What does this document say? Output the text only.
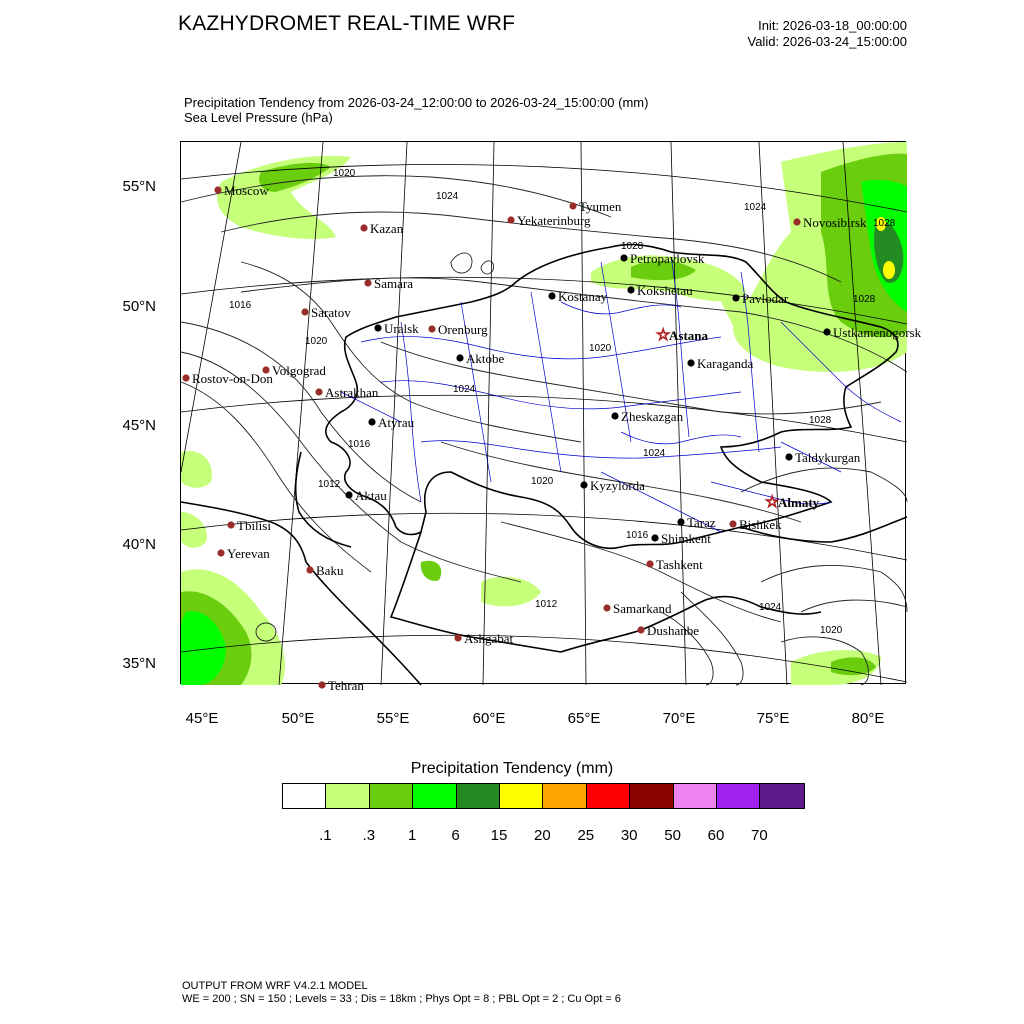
KAZHYDROMET REAL-TIME WRF	Init: 2026-03-18_00:00:00
Valid: 2026-03-24_15:00:00
Precipitation Tendency from 2026-03-24_12:00:00 to 2026-03-24_15:00:00 (mm)
Sea Level Pressure (hPa)
1020
1024
1016
1024
1028
1028
1028
1020
1020
1028
1024
1016
1012
1024
1020
1016
1012	1024
1020
Moscow
Kazan
Tyumen
Yekaterinburg	Novosibirsk
Samara
Saratov
Orenburg
Volgograd
Rostov-on-Don
Astrakhan
Tbilisi
Yerevan
Baku
Tehran
Ashgabat
Samarkand
Dushanbe
Tashkent
Bishkek
Petropavlovsk
Kostanay Kokshetau
Pavlodar
Ustkamenogorsk
Uralsk
Aktobe
Atyrau
Aktau
Karaganda
Zheskazgan
Kyzylorda
Taldykurgan
Taraz
Shimkent
☆
Astana
☆
Almaty
55°N
50°N
45°N
40°N
35°N
45°E	50°E	55°E	60°E	65°E	70°E	75°E	80°E
Precipitation Tendency (mm)
.1 .3 1 6 15 20 25 30 50 60 70
OUTPUT FROM WRF V4.2.1 MODEL
WE = 200 ; SN = 150 ; Levels = 33 ; Dis = 18km ; Phys Opt = 8 ; PBL Opt = 2 ; Cu Opt = 6
